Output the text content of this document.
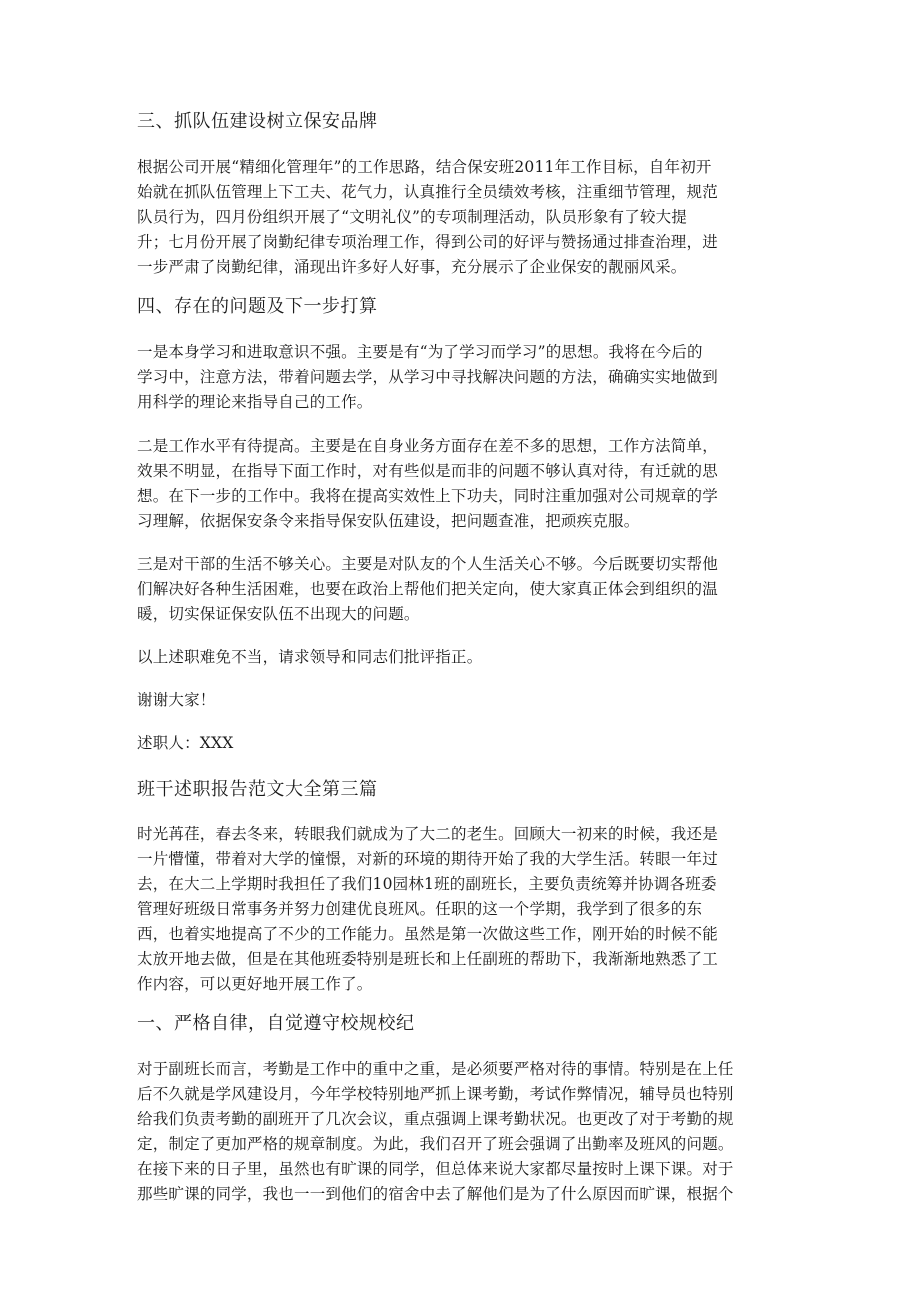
三、抓队伍建设树立保安品牌
根据公司开展“精细化管理年”的工作思路，结合保安班2011年工作目标，自年初开
始就在抓队伍管理上下工夫、花气力，认真推行全员绩效考核，注重细节管理，规范
队员行为，四月份组织开展了“文明礼仪”的专项制理活动，队员形象有了较大提
升；七月份开展了岗勤纪律专项治理工作，得到公司的好评与赞扬通过排查治理，进
一步严肃了岗勤纪律，涌现出许多好人好事，充分展示了企业保安的靓丽风采。
四、存在的问题及下一步打算
一是本身学习和进取意识不强。主要是有“为了学习而学习”的思想。我将在今后的
学习中，注意方法，带着问题去学，从学习中寻找解决问题的方法，确确实实地做到
用科学的理论来指导自己的工作。
二是工作水平有待提高。主要是在自身业务方面存在差不多的思想，工作方法简单，
效果不明显，在指导下面工作时，对有些似是而非的问题不够认真对待，有迁就的思
想。在下一步的工作中。我将在提高实效性上下功夫，同时注重加强对公司规章的学
习理解，依据保安条令来指导保安队伍建设，把问题查准，把顽疾克服。
三是对干部的生活不够关心。主要是对队友的个人生活关心不够。今后既要切实帮他
们解决好各种生活困难，也要在政治上帮他们把关定向，使大家真正体会到组织的温
暖，切实保证保安队伍不出现大的问题。
以上述职难免不当，请求领导和同志们批评指正。
谢谢大家！
述职人：XXX
班干述职报告范文大全第三篇
时光苒荏，春去冬来，转眼我们就成为了大二的老生。回顾大一初来的时候，我还是
一片懵懂，带着对大学的憧憬，对新的环境的期待开始了我的大学生活。转眼一年过
去，在大二上学期时我担任了我们10园林1班的副班长，主要负责统筹并协调各班委
管理好班级日常事务并努力创建优良班风。任职的这一个学期，我学到了很多的东
西，也着实地提高了不少的工作能力。虽然是第一次做这些工作，刚开始的时候不能
太放开地去做，但是在其他班委特别是班长和上任副班的帮助下，我渐渐地熟悉了工
作内容，可以更好地开展工作了。
一、严格自律，自觉遵守校规校纪
对于副班长而言，考勤是工作中的重中之重，是必须要严格对待的事情。特别是在上任
后不久就是学风建设月，今年学校特别地严抓上课考勤，考试作弊情况，辅导员也特别
给我们负责考勤的副班开了几次会议，重点强调上课考勤状况。也更改了对于考勤的规
定，制定了更加严格的规章制度。为此，我们召开了班会强调了出勤率及班风的问题。
在接下来的日子里，虽然也有旷课的同学，但总体来说大家都尽量按时上课下课。对于
那些旷课的同学，我也一一到他们的宿舍中去了解他们是为了什么原因而旷课，根据个
